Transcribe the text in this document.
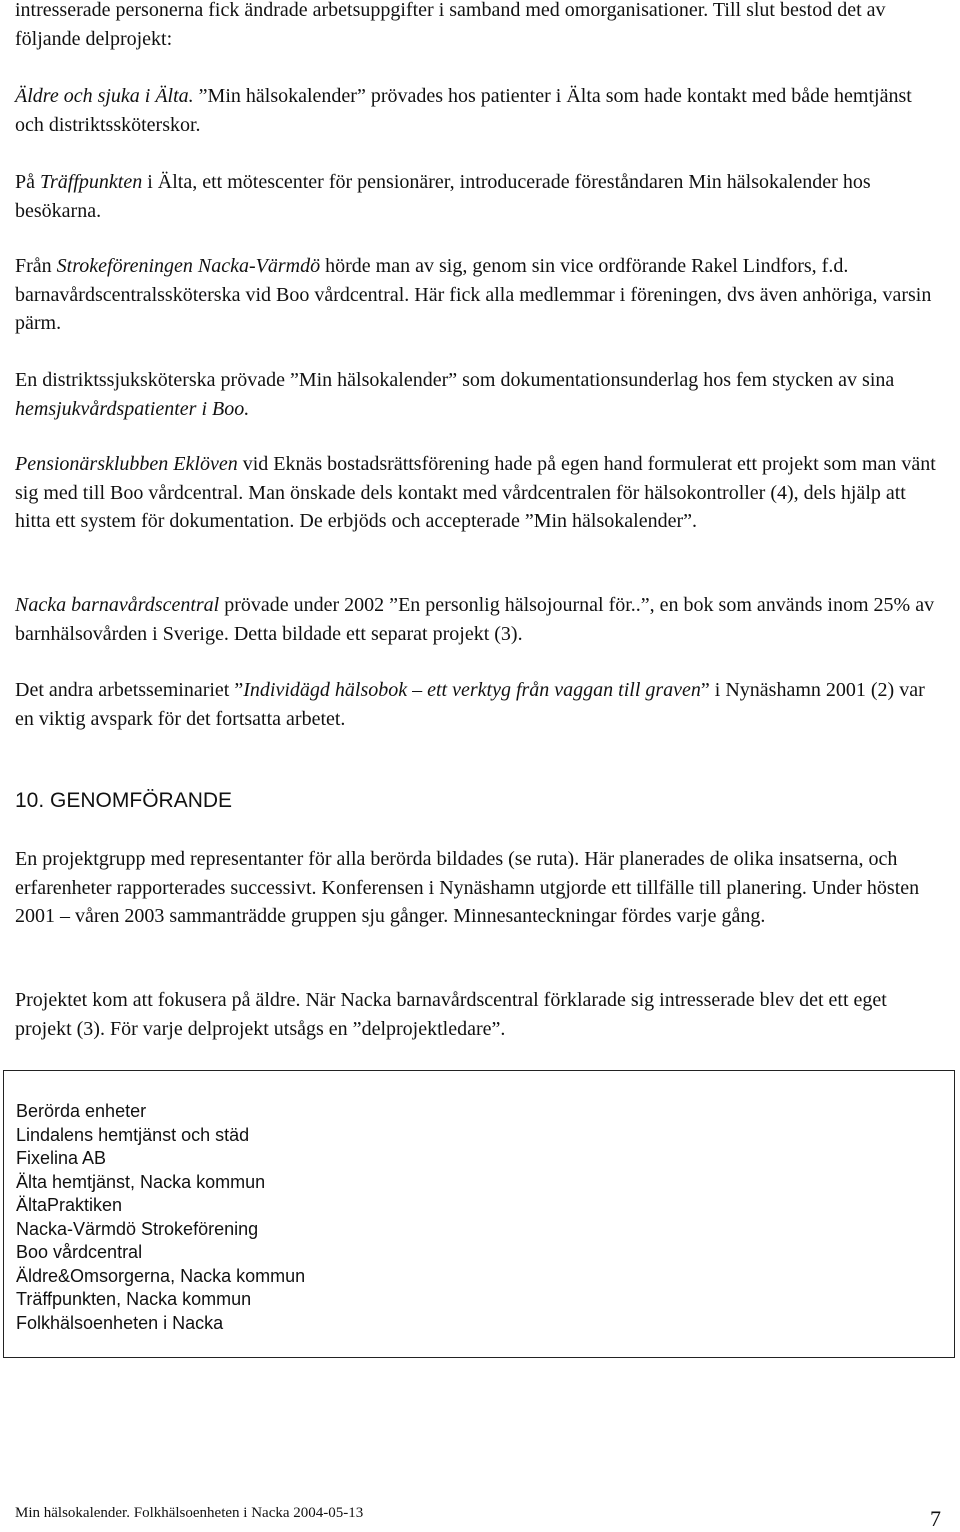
intresserade personerna fick ändrade arbetsuppgifter i samband med omorganisationer. Till slut bestod det av följande delprojekt:

Äldre och sjuka i Älta. ”Min hälsokalender” prövades hos patienter i Älta som hade kontakt med både hemtjänst och distriktssköterskor.

På Träffpunkten i Älta, ett mötescenter för pensionärer, introducerade föreståndaren Min hälsokalender hos besökarna.

Från Strokeföreningen Nacka-Värmdö hörde man av sig, genom sin vice ordförande Rakel Lindfors, f.d. barnavårdscentralssköterska vid Boo vårdcentral. Här fick alla medlemmar i föreningen, dvs även anhöriga, varsin pärm.

En distriktssjuksköterska prövade ”Min hälsokalender” som dokumentationsunderlag hos fem stycken av sina hemsjukvårdspatienter i Boo.

Pensionärsklubben Eklöven vid Eknäs bostadsrättsförening hade på egen hand formulerat ett projekt som man vänt sig med till Boo vårdcentral. Man önskade dels kontakt med vårdcentralen för hälsokontroller (4), dels hjälp att hitta ett system för dokumentation. De erbjöds och accepterade ”Min hälsokalender”.

Nacka barnavårdscentral prövade under 2002 ”En personlig hälsojournal för..”, en bok som används inom 25% av barnhälsovården i Sverige. Detta bildade ett separat projekt (3).

Det andra arbetsseminariet ”Individägd hälsobok – ett verktyg från vaggan till graven” i Nynäshamn 2001 (2) var en viktig avspark för det fortsatta arbetet.

10. GENOMFÖRANDE

En projektgrupp med representanter för alla berörda bildades (se ruta). Här planerades de olika insatserna, och erfarenheter rapporterades successivt. Konferensen i Nynäshamn utgjorde ett tillfälle till planering. Under hösten 2001 – våren 2003 sammanträdde gruppen sju gånger. Minnesanteckningar fördes varje gång.

Projektet kom att fokusera på äldre. När Nacka barnavårdscentral förklarade sig intresserade blev det ett eget projekt (3). För varje delprojekt utsågs en ”delprojektledare”.

Berörda enheter
Lindalens hemtjänst och städ
Fixelina AB
Älta hemtjänst, Nacka kommun
ÄltaPraktiken
Nacka-Värmdö Strokeförening
Boo vårdcentral
Äldre&Omsorgerna, Nacka kommun
Träffpunkten, Nacka kommun
Folkhälsoenheten i Nacka
Min hälsokalender. Folkhälsoenheten i Nacka 2004-05-13	7
